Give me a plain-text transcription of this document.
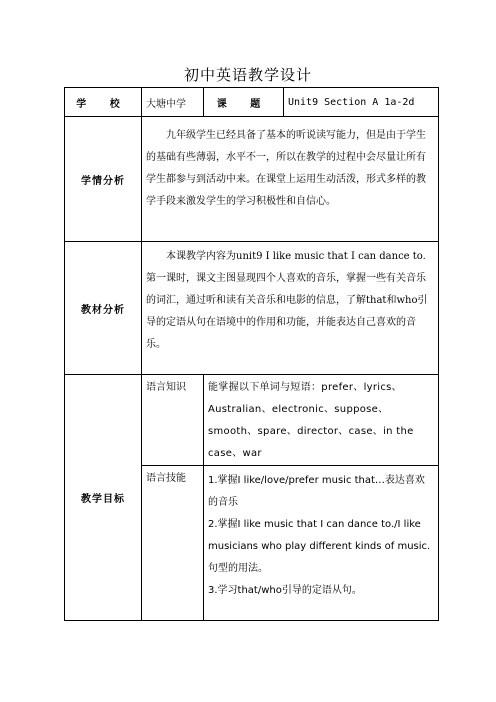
初中英语教学设计
学 校	大塘中学	课 题	Unit9 Section A 1a-2d
学情分析	九年级学生已经具备了基本的听说读写能力，但是由于学生的基础有些薄弱，水平不一，所以在教学的过程中会尽量让所有学生都参与到活动中来。在课堂上运用生动活泼，形式多样的教学手段来激发学生的学习积极性和自信心。		

教材分析	本课教学内容为unit9 I like music that I can dance to.第一课时，课文主图显现四个人喜欢的音乐，掌握一些有关音乐的词汇，通过听和读有关音乐和电影的信息，了解that和who引导的定语从句在语境中的作用和功能，并能表达自己喜欢的音乐。		

教学目标	语言知识	能掌握以下单词与短语：prefer、lyrics、Australian、electronic、suppose、smooth、spare、director、case、in the case、war	

	语言技能	1.掌握I like/love/prefer music that…表达喜欢的音乐
2.掌握I like music that I can dance to./I like musicians who play different kinds of music.句型的用法。
3.学习that/who引导的定语从句。	
